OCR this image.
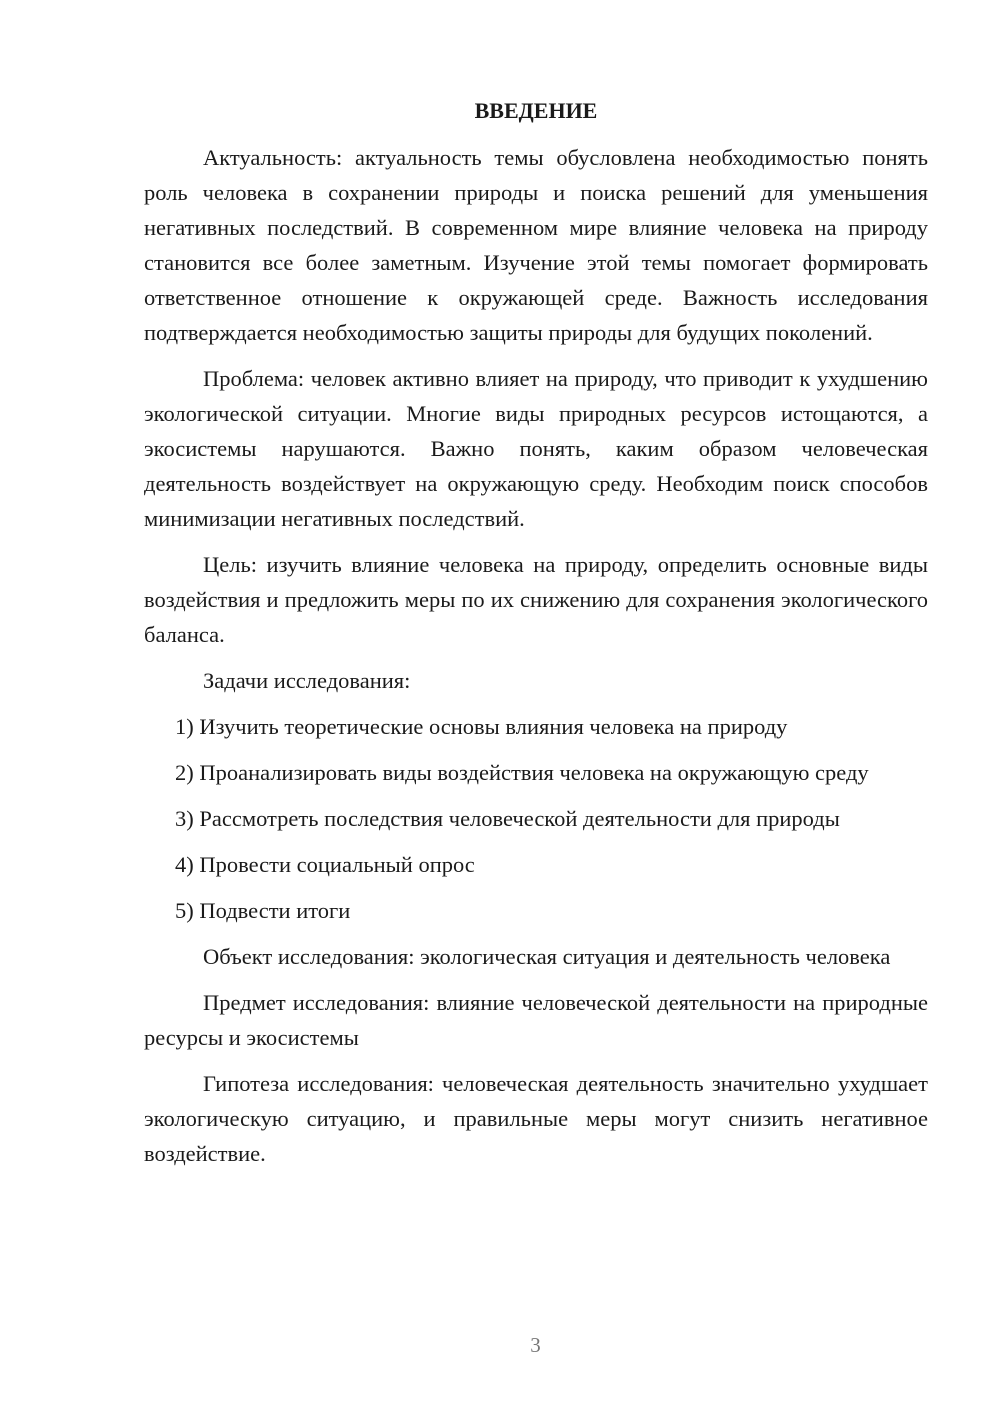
ВВЕДЕНИЕ

Актуальность: актуальность темы обусловлена необходимостью понять роль человека в сохранении природы и поиска решений для уменьшения негативных последствий. В современном мире влияние человека на природу становится все более заметным. Изучение этой темы помогает формировать ответственное отношение к окружающей среде. Важность исследования подтверждается необходимостью защиты природы для будущих поколений.

Проблема: человек активно влияет на природу, что приводит к ухудшению экологической ситуации. Многие виды природных ресурсов истощаются, а экосистемы нарушаются. Важно понять, каким образом человеческая деятельность воздействует на окружающую среду. Необходим поиск способов минимизации негативных последствий.

Цель: изучить влияние человека на природу, определить основные виды воздействия и предложить меры по их снижению для сохранения экологического баланса.

Задачи исследования:

1) Изучить теоретические основы влияния человека на природу

2) Проанализировать виды воздействия человека на окружающую среду

3) Рассмотреть последствия человеческой деятельности для природы

4) Провести социальный опрос

5) Подвести итоги

Объект исследования: экологическая ситуация и деятельность человека

Предмет исследования: влияние человеческой деятельности на природные ресурсы и экосистемы

Гипотеза исследования: человеческая деятельность значительно ухудшает экологическую ситуацию, и правильные меры могут снизить негативное воздействие.

3
